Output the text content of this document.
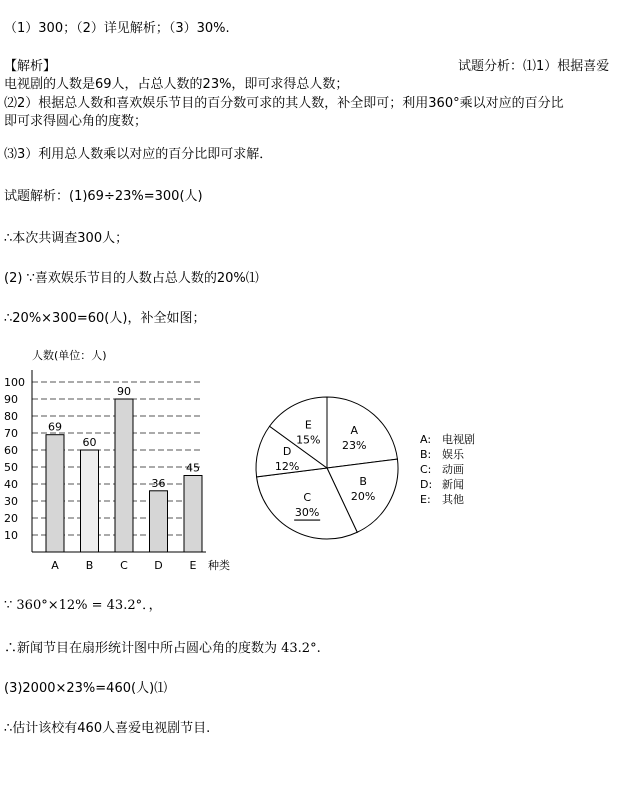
（1）300；（2）详见解析；（3）30%.
【解析】	试题分析：⑴1）根据喜爱
电视剧的人数是69人，占总人数的23%，即可求得总人数；
⑵2）根据总人数和喜欢娱乐节目的百分数可求的其人数，补全即可；利用360°乘以对应的百分比
即可求得圆心角的度数；
⑶3）利用总人数乘以对应的百分比即可求解．
试题解析：(1)69÷23%=300(人)
∴本次共调查300人；
(2) ∵喜欢娱乐节目的人数占总人数的20%⑴
∴20%×300=60(人)，补全如图；
人数(单位：人)
10
20
30
40
50
60
70
80
90
100
69
60
90
36
45
A B C D E 种类
A
23%
B
20%
C
30%
D
12%
E
15%	A: 电视剧
B: 娱乐
C: 动画
D: 新闻
E: 其他
∵ 360°×12% = 43.2°．，
∴新闻节目在扇形统计图中所占圆心角的度数为 43.2°.
(3)2000×23%=460(人)⑴
∴估计该校有460人喜爱电视剧节目.
